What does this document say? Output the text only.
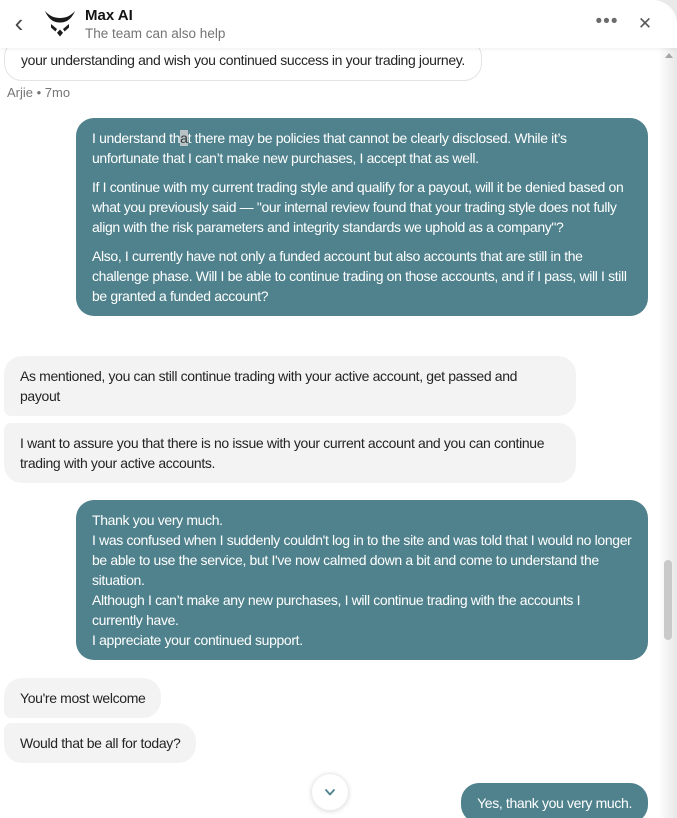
‹	Max AI
The team can also help
••• ✕
your understanding and wish you continued success in your trading journey.
Arjie • 7mo
I understand that there may be policies that cannot be clearly disclosed. While it’s unfortunate that I can’t make new purchases, I accept that as well.
If I continue with my current trading style and qualify for a payout, will it be denied based on what you previously said — "our internal review found that your trading style does not fully align with the risk parameters and integrity standards we uphold as a company"?
Also, I currently have not only a funded account but also accounts that are still in the challenge phase. Will I be able to continue trading on those accounts, and if I pass, will I still be granted a funded account?
As mentioned, you can still continue trading with your active account, get passed and payout
I want to assure you that there is no issue with your current account and you can continue trading with your active accounts.
Thank you very much.
I was confused when I suddenly couldn't log in to the site and was told that I would no longer be able to use the service, but I've now calmed down a bit and come to understand the situation.
Although I can’t make any new purchases, I will continue trading with the accounts I currently have.
I appreciate your continued support.
You're most welcome
Would that be all for today?
Yes, thank you very much.
